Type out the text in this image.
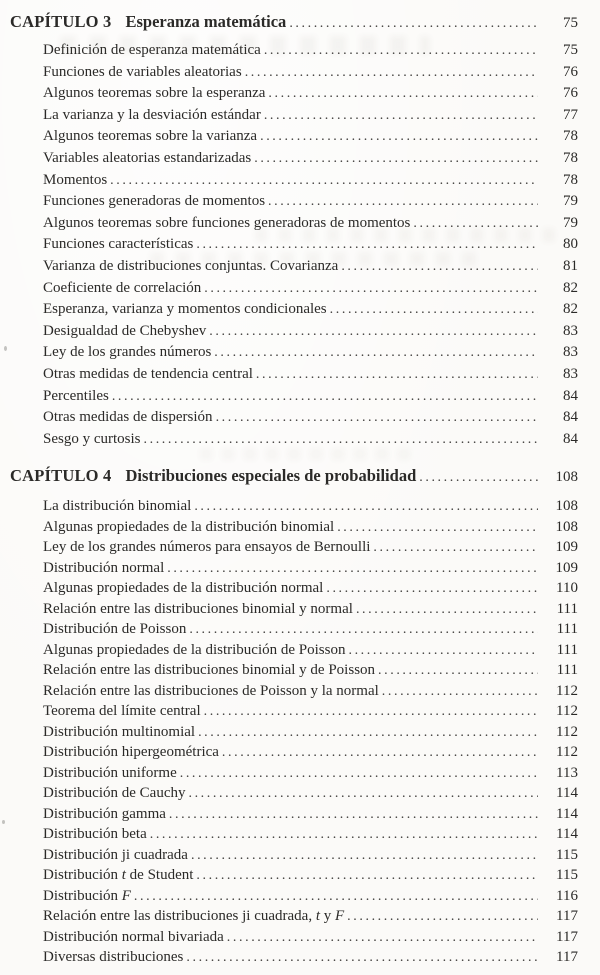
CAPÍTULO 3 Esperanza matemática .....	75
Definición de esperanza matemática .....	75
Funciones de variables aleatorias .....	76
Algunos teoremas sobre la esperanza .....	76
La varianza y la desviación estándar .....	77
Algunos teoremas sobre la varianza .....	78
Variables aleatorias estandarizadas .....	78
Momentos .....	78
Funciones generadoras de momentos .....	79
Algunos teoremas sobre funciones generadoras de momentos .....	79
Funciones características .....	80
Varianza de distribuciones conjuntas. Covarianza .....	81
Coeficiente de correlación .....	82
Esperanza, varianza y momentos condicionales .....	82
Desigualdad de Chebyshev .....	83
Ley de los grandes números .....	83
Otras medidas de tendencia central .....	83
Percentiles .....	84
Otras medidas de dispersión .....	84
Sesgo y curtosis .....	84
CAPÍTULO 4 Distribuciones especiales de probabilidad .....	108
La distribución binomial .....	108
Algunas propiedades de la distribución binomial .....	108
Ley de los grandes números para ensayos de Bernoulli .....	109
Distribución normal .....	109
Algunas propiedades de la distribución normal .....	110
Relación entre las distribuciones binomial y normal .....	111
Distribución de Poisson .....	111
Algunas propiedades de la distribución de Poisson .....	111
Relación entre las distribuciones binomial y de Poisson .....	111
Relación entre las distribuciones de Poisson y la normal .....	112
Teorema del límite central .....	112
Distribución multinomial .....	112
Distribución hipergeométrica .....	112
Distribución uniforme .....	113
Distribución de Cauchy .....	114
Distribución gamma .....	114
Distribución beta .....	114
Distribución ji cuadrada .....	115
Distribución t de Student .....	115
Distribución F .....	116
Relación entre las distribuciones ji cuadrada, t y F .....	117
Distribución normal bivariada .....	117
Diversas distribuciones .....	117
